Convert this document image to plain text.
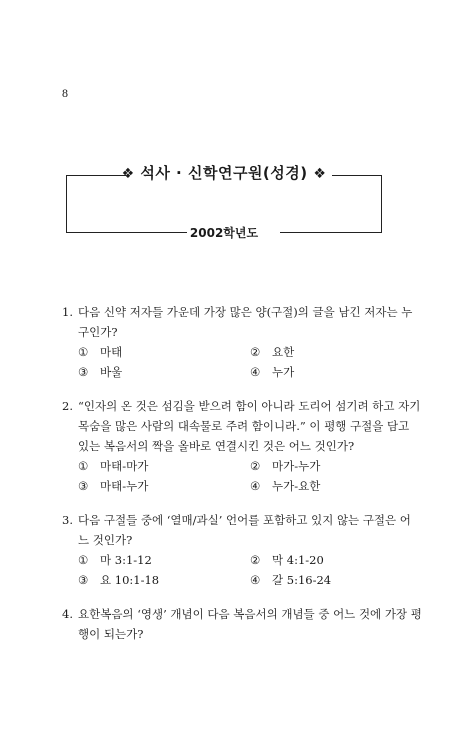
8
❖ 석사 · 신학연구원(성경) ❖
2002학년도
1. 다음 신약 저자들 가운데 가장 많은 양(구절)의 글을 남긴 저자는 누구인가?
①	마태	②	요한
③	바울	④	누가
2. “인자의 온 것은 섬김을 받으려 함이 아니라 도리어 섬기려 하고 자기 목숨을 많은 사람의 대속물로 주려 함이니라.” 이 평행 구절을 담고 있는 복음서의 짝을 올바로 연결시킨 것은 어느 것인가?
①	마태-마가	②	마가-누가
③	마태-누가	④	누가-요한
3. 다음 구절들 중에 ‘열매/과실’ 언어를 포함하고 있지 않는 구절은 어느 것인가?
①	마 3:1-12	②	막 4:1-20
③	요 10:1-18	④	갈 5:16-24
4. 요한복음의 ‘영생’ 개념이 다음 복음서의 개념들 중 어느 것에 가장 평행이 되는가?
